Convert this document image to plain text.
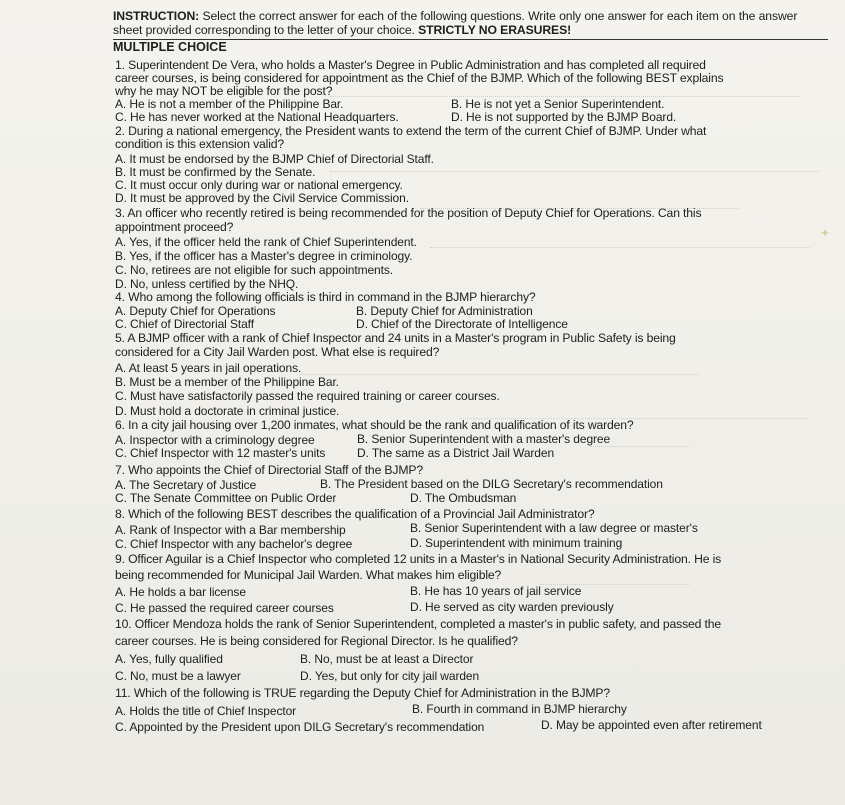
✦
INSTRUCTION: Select the correct answer for each of the following questions. Write only one answer for each item on the answer
sheet provided corresponding to the letter of your choice. STRICTLY NO ERASURES!
MULTIPLE CHOICE
1. Superintendent De Vera, who holds a Master's Degree in Public Administration and has completed all required
career courses, is being considered for appointment as the Chief of the BJMP. Which of the following BEST explains
why he may NOT be eligible for the post?
A. He is not a member of the Philippine Bar.	B. He is not yet a Senior Superintendent.
C. He has never worked at the National Headquarters.	D. He is not supported by the BJMP Board.
2. During a national emergency, the President wants to extend the term of the current Chief of BJMP. Under what
condition is this extension valid?
A. It must be endorsed by the BJMP Chief of Directorial Staff.
B. It must be confirmed by the Senate.
C. It must occur only during war or national emergency.
D. It must be approved by the Civil Service Commission.
3. An officer who recently retired is being recommended for the position of Deputy Chief for Operations. Can this
appointment proceed?
A. Yes, if the officer held the rank of Chief Superintendent.
B. Yes, if the officer has a Master's degree in criminology.
C. No, retirees are not eligible for such appointments.
D. No, unless certified by the NHQ.
4. Who among the following officials is third in command in the BJMP hierarchy?
A. Deputy Chief for Operations	B. Deputy Chief for Administration
C. Chief of Directorial Staff	D. Chief of the Directorate of Intelligence
5. A BJMP officer with a rank of Chief Inspector and 24 units in a Master's program in Public Safety is being
considered for a City Jail Warden post. What else is required?
A. At least 5 years in jail operations.
B. Must be a member of the Philippine Bar.
C. Must have satisfactorily passed the required training or career courses.
D. Must hold a doctorate in criminal justice.
6. In a city jail housing over 1,200 inmates, what should be the rank and qualification of its warden?
A. Inspector with a criminology degree	B. Senior Superintendent with a master's degree
C. Chief Inspector with 12 master's units	D. The same as a District Jail Warden
7. Who appoints the Chief of Directorial Staff of the BJMP?
A. The Secretary of Justice	B. The President based on the DILG Secretary's recommendation
C. The Senate Committee on Public Order	D. The Ombudsman
8. Which of the following BEST describes the qualification of a Provincial Jail Administrator?
A. Rank of Inspector with a Bar membership	B. Senior Superintendent with a law degree or master's
C. Chief Inspector with any bachelor's degree	D. Superintendent with minimum training
9. Officer Aguilar is a Chief Inspector who completed 12 units in a Master's in National Security Administration. He is
being recommended for Municipal Jail Warden. What makes him eligible?
A. He holds a bar license	B. He has 10 years of jail service
C. He passed the required career courses	D. He served as city warden previously
10. Officer Mendoza holds the rank of Senior Superintendent, completed a master's in public safety, and passed the
career courses. He is being considered for Regional Director. Is he qualified?
A. Yes, fully qualified	B. No, must be at least a Director
C. No, must be a lawyer	D. Yes, but only for city jail warden
11. Which of the following is TRUE regarding the Deputy Chief for Administration in the BJMP?
A. Holds the title of Chief Inspector	B. Fourth in command in BJMP hierarchy
C. Appointed by the President upon DILG Secretary's recommendation	D. May be appointed even after retirement
